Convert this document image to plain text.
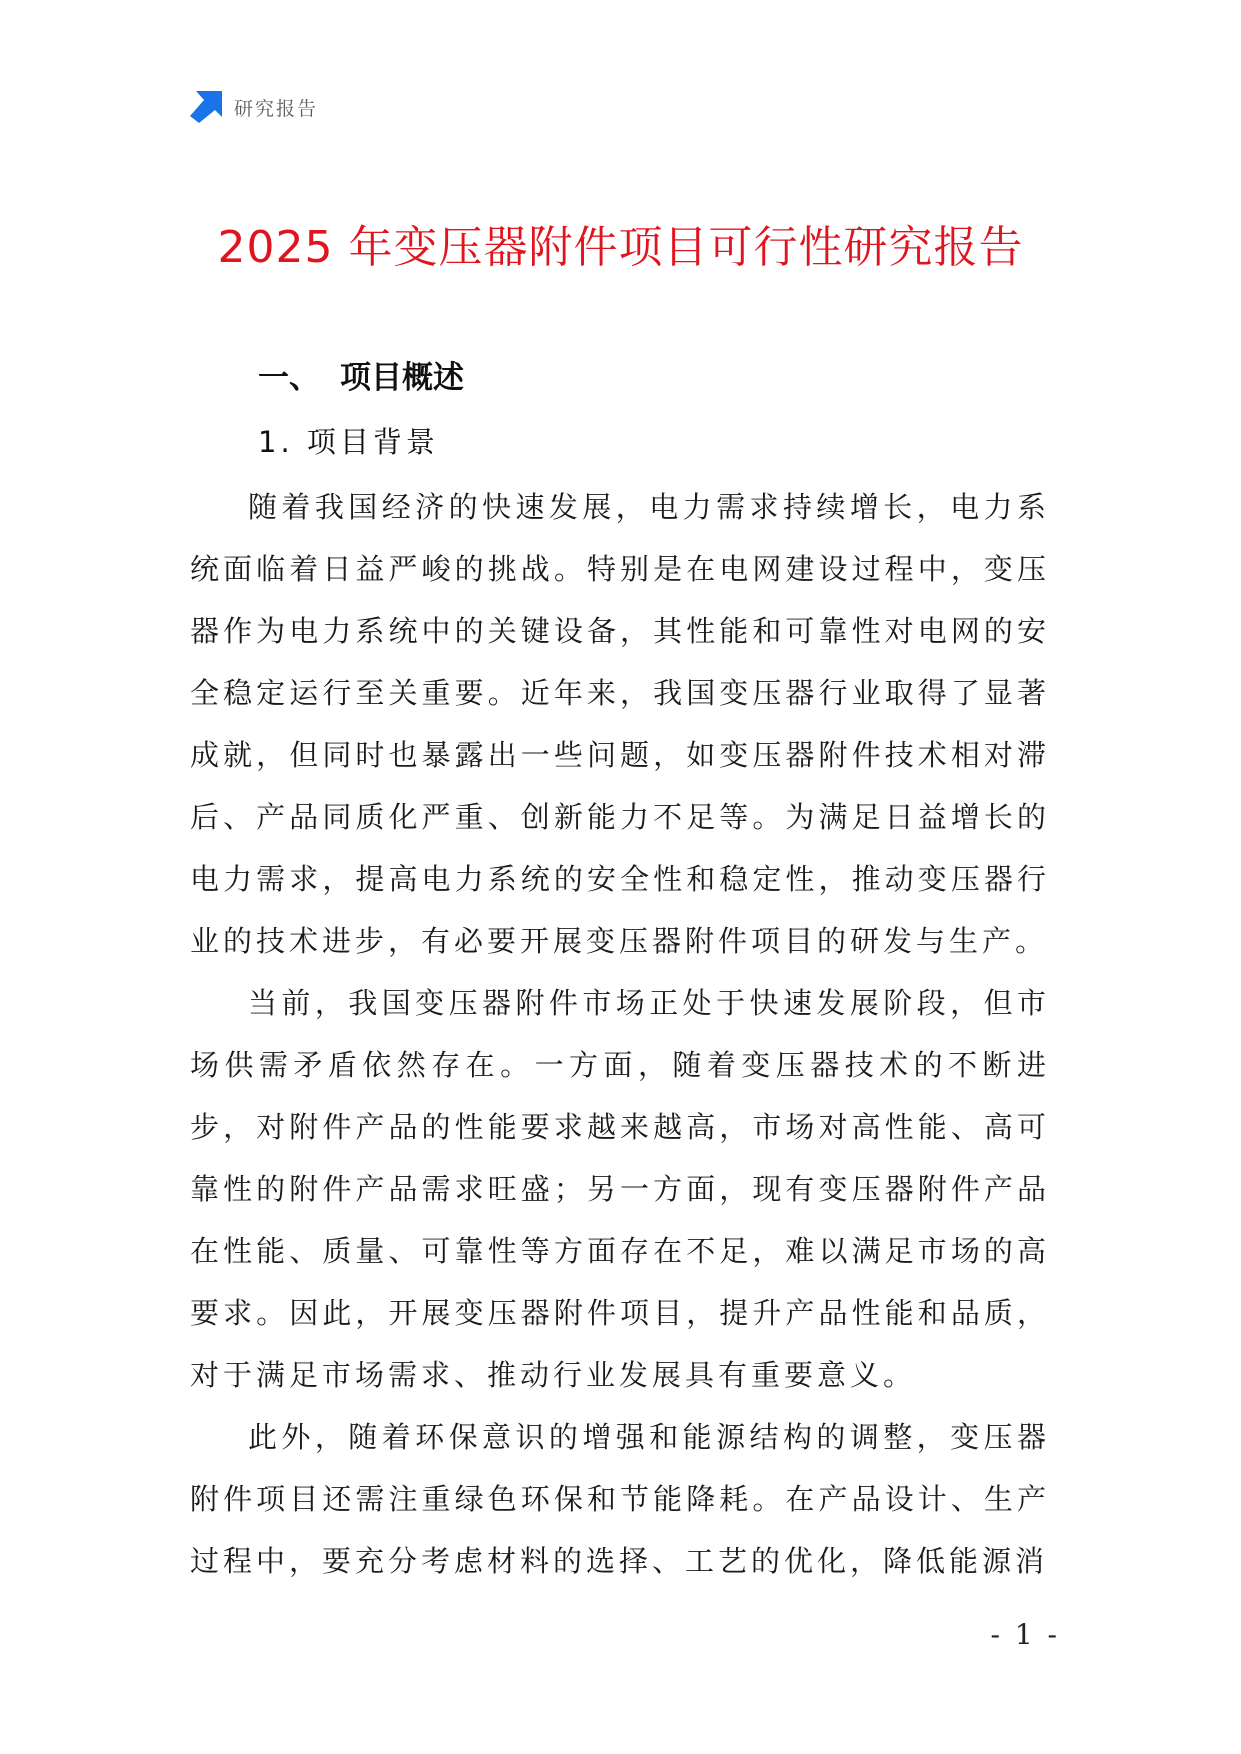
研究报告
2025 年变压器附件项目可行性研究报告
一、 项目概述
1. 项目背景

随着我国经济的快速发展，电力需求持续增长，电力系统面临着日益严峻的挑战。特别是在电网建设过程中，变压器作为电力系统中的关键设备，其性能和可靠性对电网的安全稳定运行至关重要。近年来，我国变压器行业取得了显著成就，但同时也暴露出一些问题，如变压器附件技术相对滞后、产品同质化严重、创新能力不足等。为满足日益增长的电力需求，提高电力系统的安全性和稳定性，推动变压器行业的技术进步，有必要开展变压器附件项目的研发与生产。

当前，我国变压器附件市场正处于快速发展阶段，但市场供需矛盾依然存在。一方面，随着变压器技术的不断进步，对附件产品的性能要求越来越高，市场对高性能、高可靠性的附件产品需求旺盛；另一方面，现有变压器附件产品在性能、质量、可靠性等方面存在不足，难以满足市场的高要求。因此，开展变压器附件项目，提升产品性能和品质，对于满足市场需求、推动行业发展具有重要意义。

此外，随着环保意识的增强和能源结构的调整，变压器附件项目还需注重绿色环保和节能降耗。在产品设计、生产过程中，要充分考虑材料的选择、工艺的优化，降低能源消

- 1 -
